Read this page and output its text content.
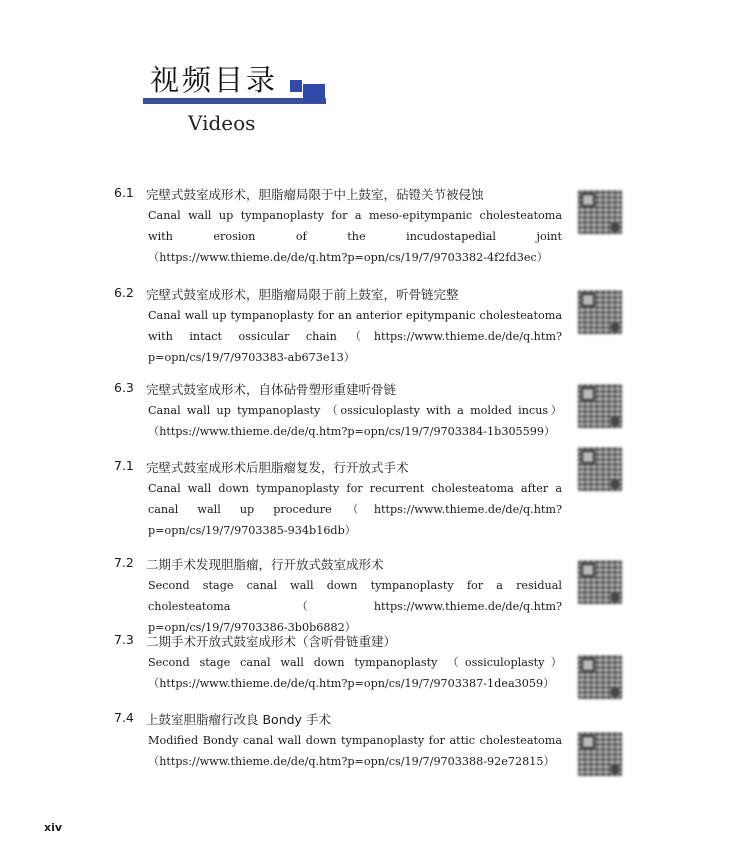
视频目录
Videos
6.1 完壁式鼓室成形术，胆脂瘤局限于中上鼓室，砧镫关节被侵蚀
Canal wall up tympanoplasty for a meso-epitympanic cholesteatoma with erosion of the incudostapedial joint（https://www.thieme.de/de/q.htm?p=opn/cs/19/7/9703382-4f2fd3ec）
6.2 完壁式鼓室成形术，胆脂瘤局限于前上鼓室，听骨链完整
Canal wall up tympanoplasty for an anterior epitympanic cholesteatoma with intact ossicular chain（https://www.thieme.de/de/q.htm?p=opn/cs/19/7/9703383-ab673e13）
6.3 完壁式鼓室成形术，自体砧骨塑形重建听骨链
Canal wall up tympanoplasty （ossiculoplasty with a molded incus）（https://www.thieme.de/de/q.htm?p=opn/cs/19/7/9703384-1b305599）
7.1 完壁式鼓室成形术后胆脂瘤复发，行开放式手术
Canal wall down tympanoplasty for recurrent cholesteatoma after a canal wall up procedure（https://www.thieme.de/de/q.htm?p=opn/cs/19/7/9703385-934b16db）
7.2 二期手术发现胆脂瘤，行开放式鼓室成形术
Second stage canal wall down tympanoplasty for a residual cholesteatoma（https://www.thieme.de/de/q.htm?p=opn/cs/19/7/9703386-3b0b6882）
7.3 二期手术开放式鼓室成形术（含听骨链重建）
Second stage canal wall down tympanoplasty （ossiculoplasty）（https://www.thieme.de/de/q.htm?p=opn/cs/19/7/9703387-1dea3059）
7.4 上鼓室胆脂瘤行改良 Bondy 手术
Modified Bondy canal wall down tympanoplasty for attic cholesteatoma（https://www.thieme.de/de/q.htm?p=opn/cs/19/7/9703388-92e72815）
xiv
